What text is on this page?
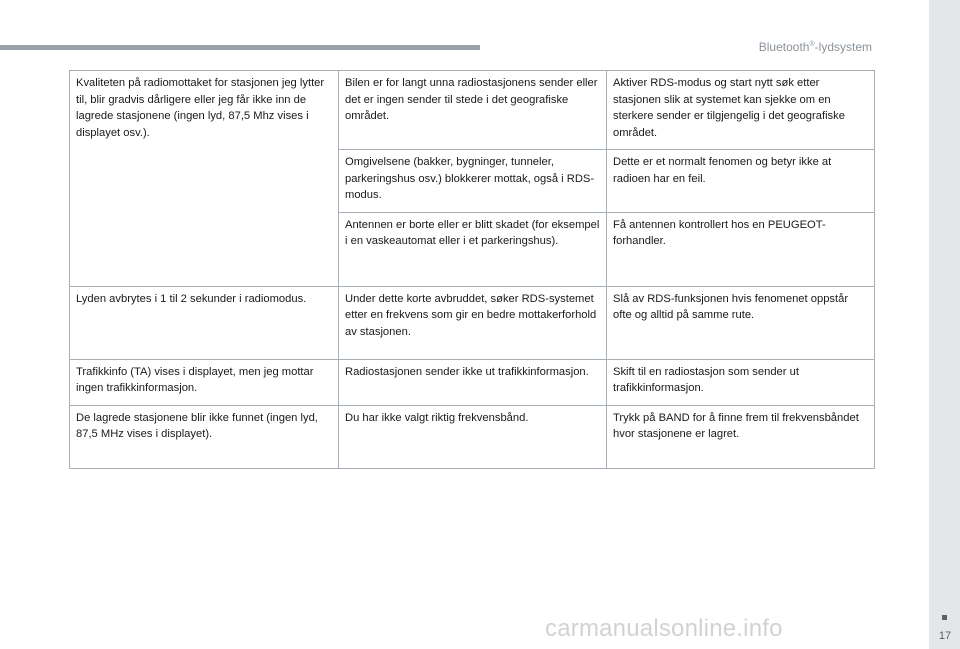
Bluetooth®-lydsystem
Kvaliteten på radiomottaket for stasjonen jeg lytter til, blir gradvis dårligere eller jeg får ikke inn de lagrede stasjonene (ingen lyd, 87,5 Mhz vises i displayet osv.).	Bilen er for langt unna radiostasjonens sender eller det er ingen sender til stede i det geografiske området.	Aktiver RDS-modus og start nytt søk etter stasjonen slik at systemet kan sjekke om en sterkere sender er tilgjengelig i det geografiske området.
	Omgivelsene (bakker, bygninger, tunneler, parkeringshus osv.) blokkerer mottak, også i RDS-modus.	Dette er et normalt fenomen og betyr ikke at radioen har en feil.
	Antennen er borte eller er blitt skadet (for eksempel i en vaskeautomat eller i et parkeringshus).	Få antennen kontrollert hos en PEUGEOT-forhandler.
Lyden avbrytes i 1 til 2 sekunder i radiomodus.	Under dette korte avbruddet, søker RDS-systemet etter en frekvens som gir en bedre mottakerforhold av stasjonen.	Slå av RDS-funksjonen hvis fenomenet oppstår ofte og alltid på samme rute.
Trafikkinfo (TA) vises i displayet, men jeg mottar ingen trafikkinformasjon.	Radiostasjonen sender ikke ut trafikkinformasjon.	Skift til en radiostasjon som sender ut trafikkinformasjon.
De lagrede stasjonene blir ikke funnet (ingen lyd, 87,5 MHz vises i displayet).	Du har ikke valgt riktig frekvensbånd.	Trykk på BAND for å finne frem til frekvensbåndet hvor stasjonene er lagret.
17
carmanualsonline.info
